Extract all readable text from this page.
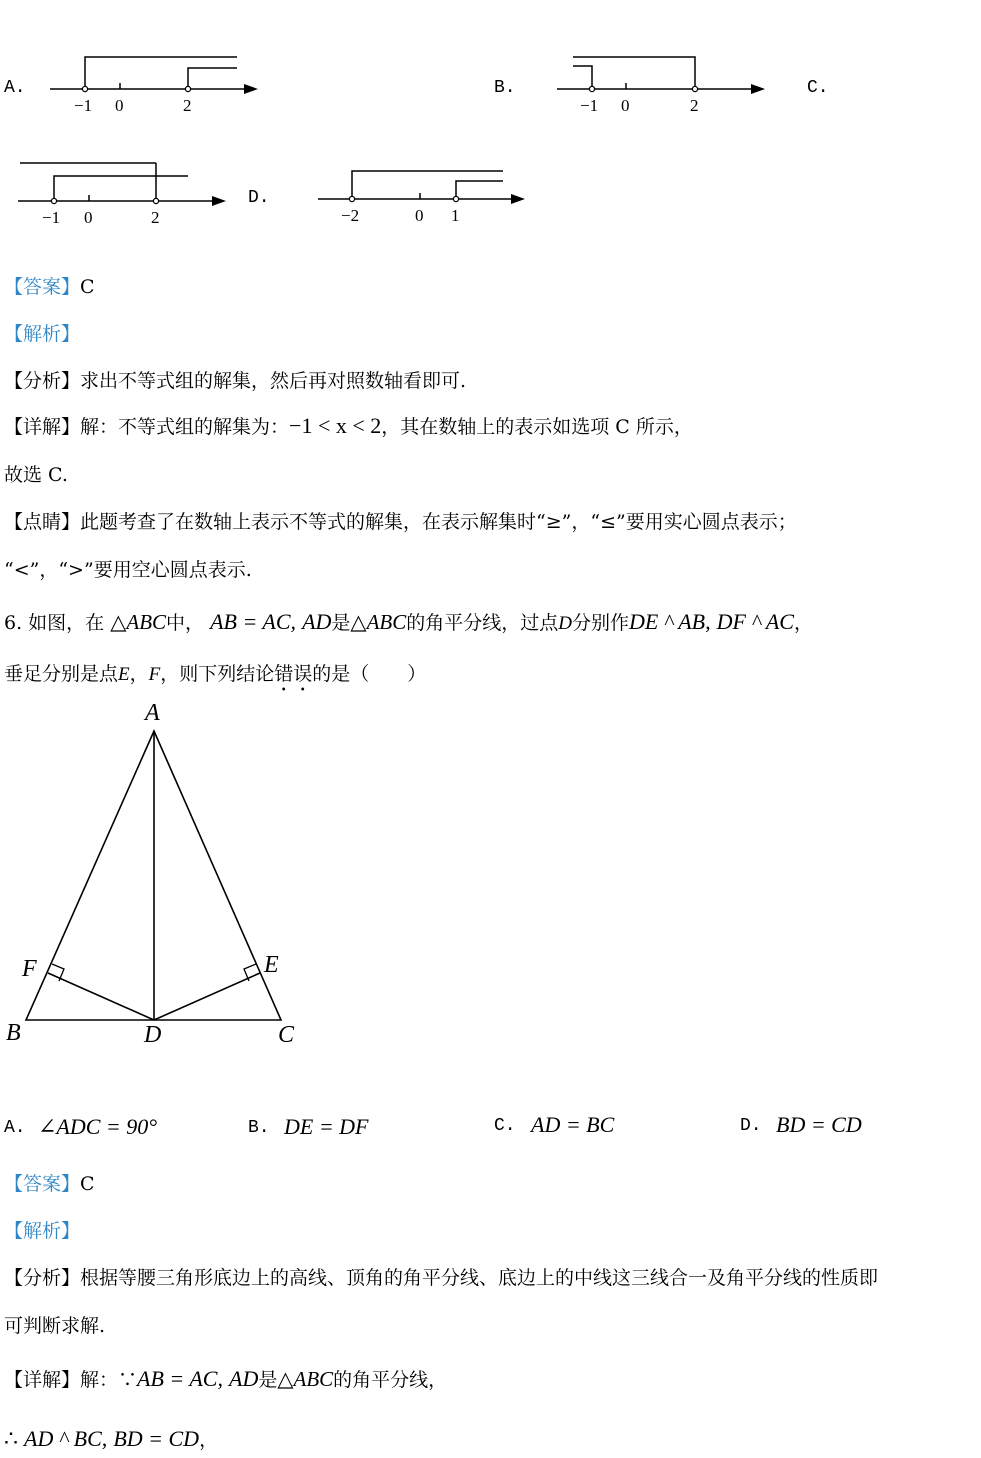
A.
−1 0	2	−1 0	2
−1 0	2	−2	0 1
B.	C.
D.
【答案】C
【解析】
【分析】求出不等式组的解集，然后再对照数轴看即可.
【详解】解：不等式组的解集为：−1 < x < 2，其在数轴上的表示如选项 C 所示，
故选 C.
【点睛】此题考查了在数轴上表示不等式的解集，在表示解集时“≥”，“≤”要用实心圆点表示；
“<”，“>”要用空心圆点表示.
6. 如图，在 △ABC中， AB = AC, AD是△ABC的角平分线，过点D分别作DE ^ AB, DF ^ AC，
垂足分别是点E，F，则下列结论错误的是（　　）
A
B	C
D
E
F
A. ∠ADC = 90°	B. DE = DF	C. AD = BC	D. BD = CD
【答案】C
【解析】
【分析】根据等腰三角形底边上的高线、顶角的角平分线、底边上的中线这三线合一及角平分线的性质即
可判断求解.
【详解】解：∵AB = AC, AD是△ABC的角平分线，
∴ AD ^ BC, BD = CD，
